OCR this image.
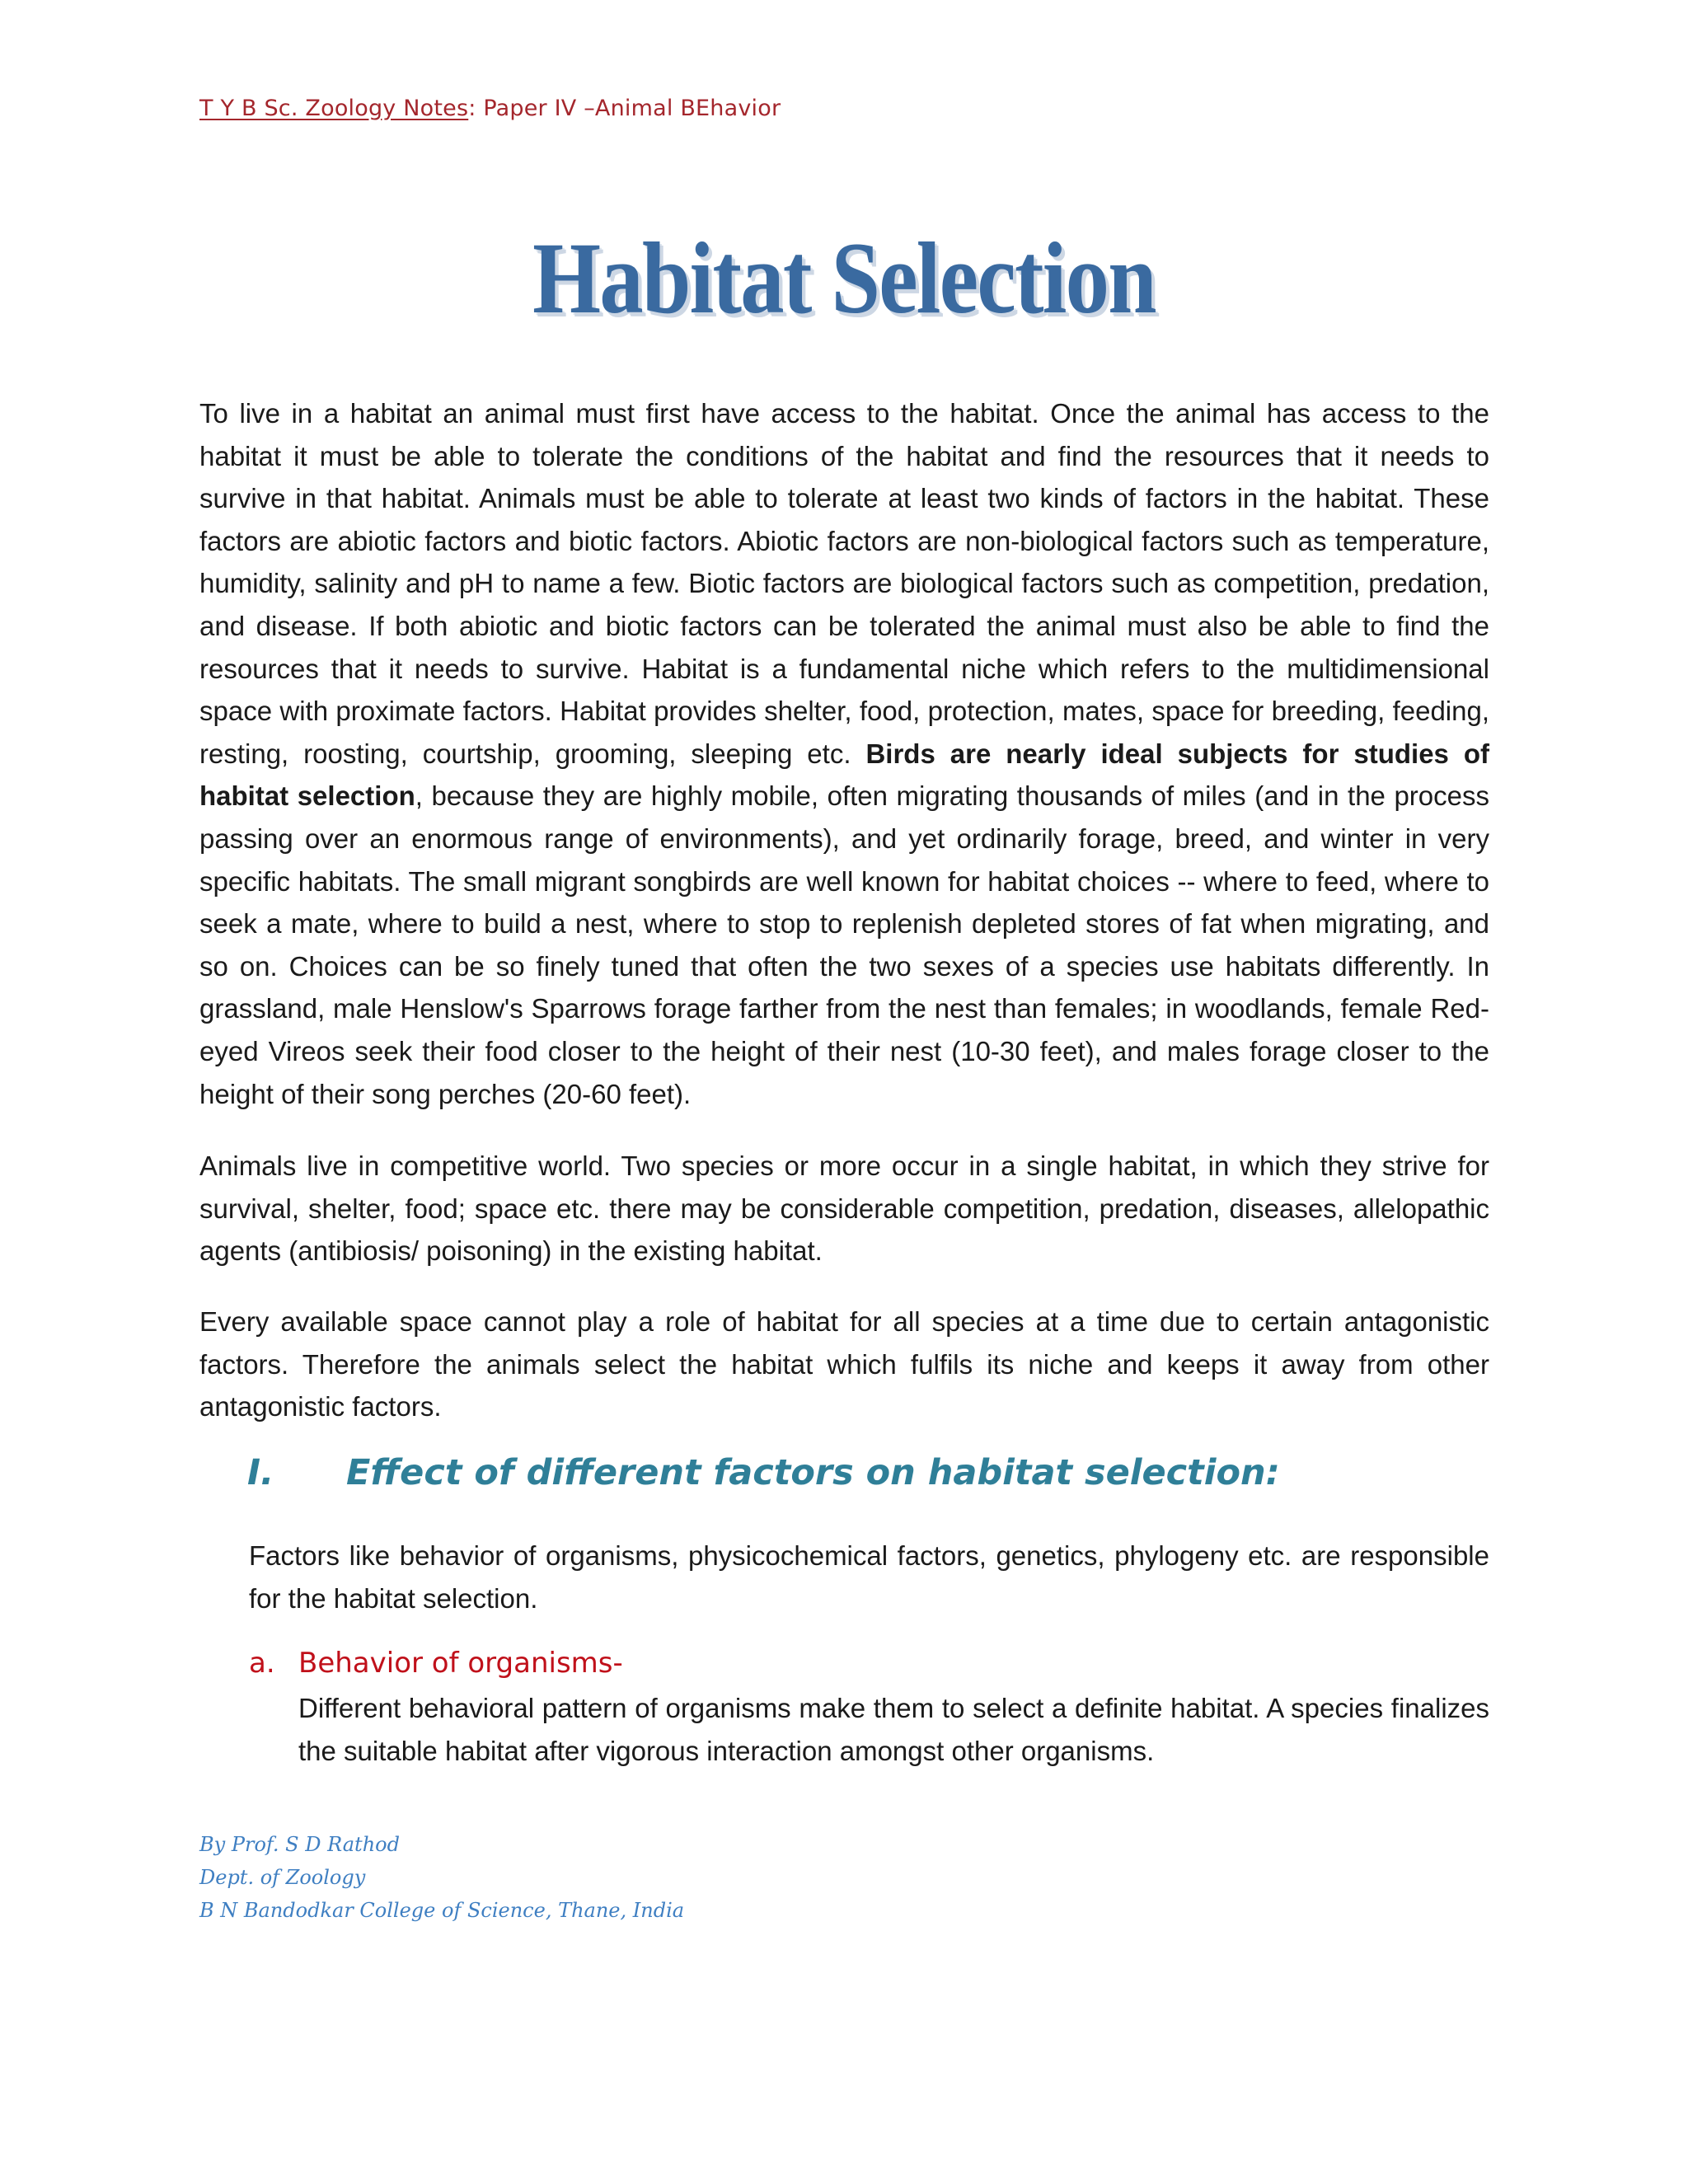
T Y B Sc. Zoology Notes: Paper IV –Animal BEhavior
Habitat Selection
To live in a habitat an animal must first have access to the habitat. Once the animal has access to the habitat it must be able to tolerate the conditions of the habitat and find the resources that it needs to survive in that habitat. Animals must be able to tolerate at least two kinds of factors in the habitat. These factors are abiotic factors and biotic factors. Abiotic factors are non-biological factors such as temperature, humidity, salinity and pH to name a few. Biotic factors are biological factors such as competition, predation, and disease. If both abiotic and biotic factors can be tolerated the animal must also be able to find the resources that it needs to survive. Habitat is a fundamental niche which refers to the multidimensional space with proximate factors. Habitat provides shelter, food, protection, mates, space for breeding, feeding, resting, roosting, courtship, grooming, sleeping etc. Birds are nearly ideal subjects for studies of habitat selection, because they are highly mobile, often migrating thousands of miles (and in the process passing over an enormous range of environments), and yet ordinarily forage, breed, and winter in very specific habitats. The small migrant songbirds are well known for habitat choices -- where to feed, where to seek a mate, where to build a nest, where to stop to replenish depleted stores of fat when migrating, and so on. Choices can be so finely tuned that often the two sexes of a species use habitats differently. In grassland, male Henslow's Sparrows forage farther from the nest than females; in woodlands, female Red-eyed Vireos seek their food closer to the height of their nest (10-30 feet), and males forage closer to the height of their song perches (20-60 feet).
Animals live in competitive world. Two species or more occur in a single habitat, in which they strive for survival, shelter, food; space etc. there may be considerable competition, predation, diseases, allelopathic agents (antibiosis/ poisoning) in the existing habitat.
Every available space cannot play a role of habitat for all species at a time due to certain antagonistic factors. Therefore the animals select the habitat which fulfils its niche and keeps it away from other antagonistic factors.
I. Effect of different factors on habitat selection:
Factors like behavior of organisms, physicochemical factors, genetics, phylogeny etc. are responsible for the habitat selection.
a. Behavior of organisms-
Different behavioral pattern of organisms make them to select a definite habitat. A species finalizes the suitable habitat after vigorous interaction amongst other organisms.
By Prof. S D Rathod
Dept. of Zoology
B N Bandodkar College of Science, Thane, India
